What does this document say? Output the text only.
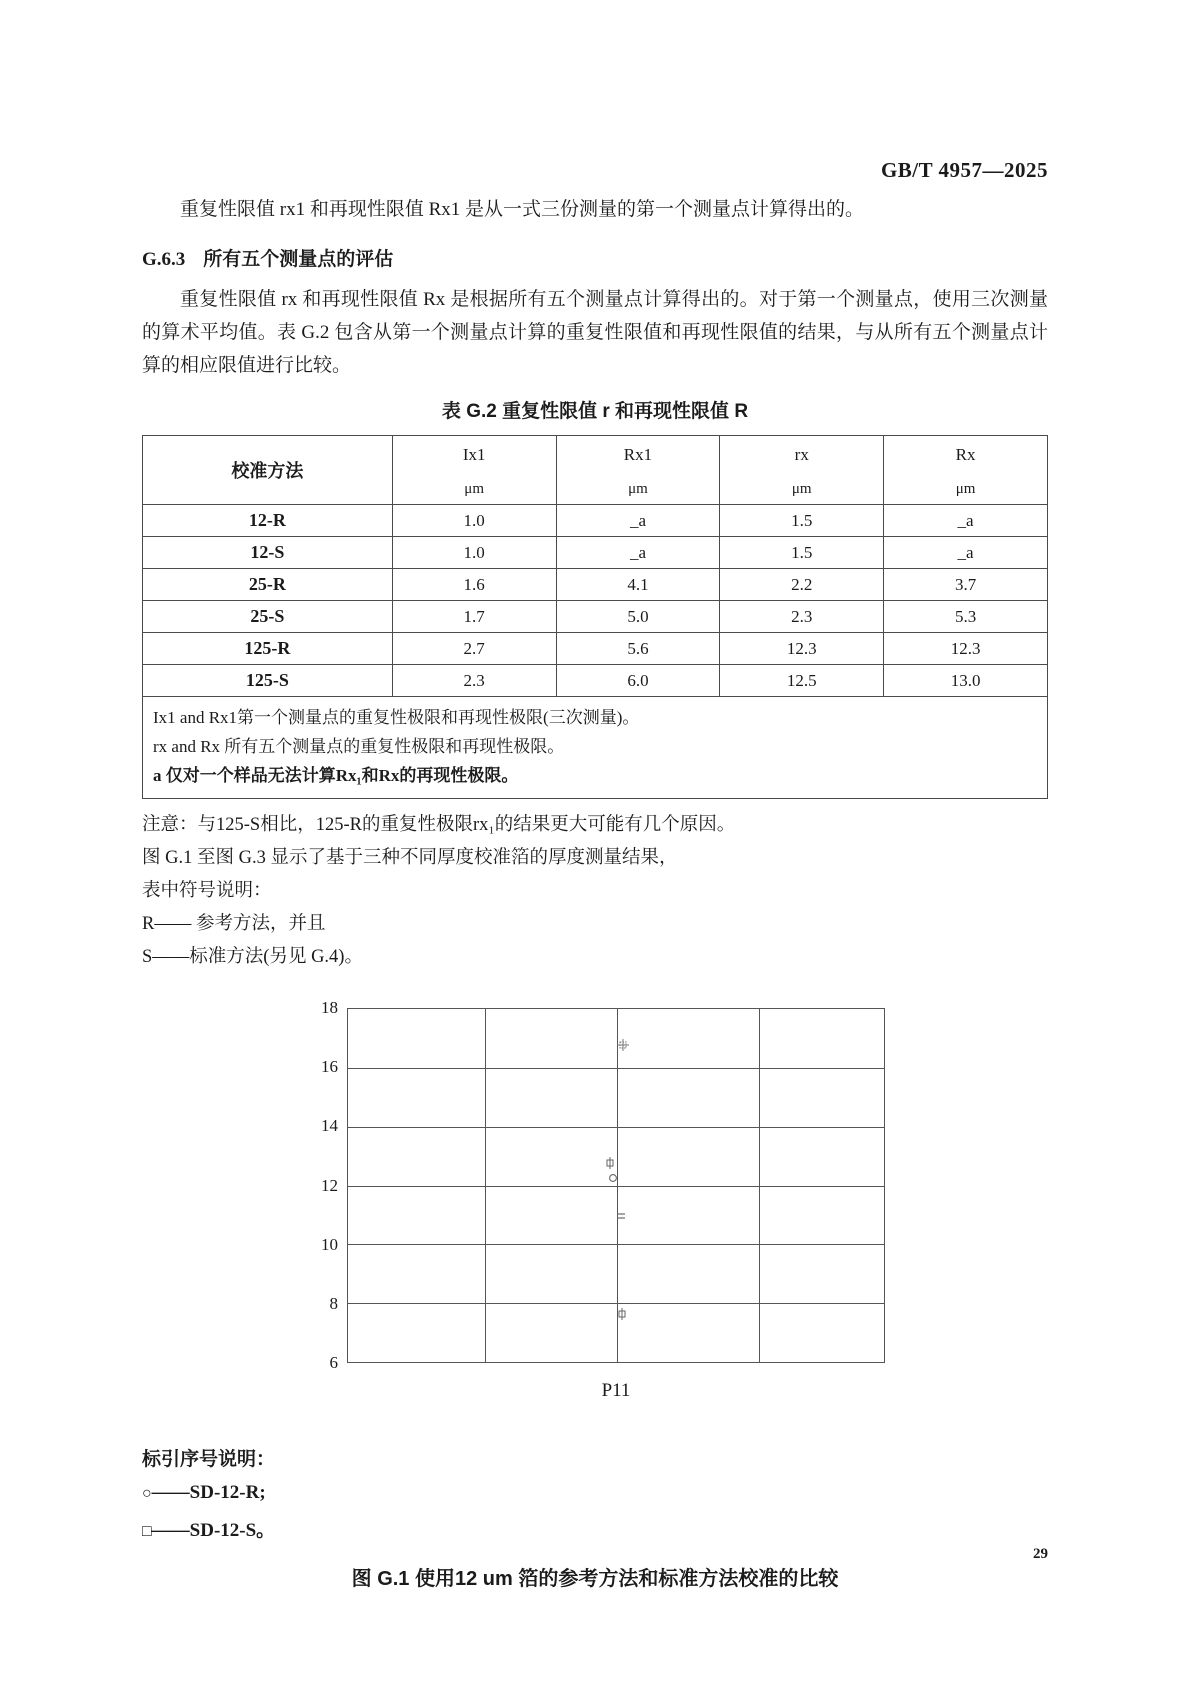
GB/T 4957—2025

重复性限值 rx1 和再现性限值 Rx1 是从一式三份测量的第一个测量点计算得出的。

G.6.3 所有五个测量点的评估

重复性限值 rx 和再现性限值 Rx 是根据所有五个测量点计算得出的。对于第一个测量点，使用三次测量的算术平均值。表 G.2 包含从第一个测量点计算的重复性限值和再现性限值的结果，与从所有五个测量点计算的相应限值进行比较。

表 G.2 重复性限值 r 和再现性限值 R
校准方法	Ix1	Rx1	rx	Rx
	μm	μm	μm	μm
12-R	1.0	_a	1.5	_a
12-S	1.0	_a	1.5	_a
25-R	1.6	4.1	2.2	3.7
25-S	1.7	5.0	2.3	5.3
125-R	2.7	5.6	12.3	12.3
125-S	2.3	6.0	12.5	13.0

Ix1 and Rx1第一个测量点的重复性极限和再现性极限(三次测量)。
rx and Rx 所有五个测量点的重复性极限和再现性极限。
a 仅对一个样品无法计算Rx₁和Rx的再现性极限。				

注意：与125-S相比，125-R的重复性极限rx₁的结果更大可能有几个原因。

图 G.1 至图 G.3 显示了基于三种不同厚度校准箔的厚度测量结果，

表中符号说明：

R—— 参考方法，并且

S——标准方法(另见 G.4)。

18
16
14
12
10
8
6
P11
标引序号说明：
○——SD-12-R;
□——SD-12-S。
图 G.1 使用12 um 箔的参考方法和标准方法校准的比较
29
